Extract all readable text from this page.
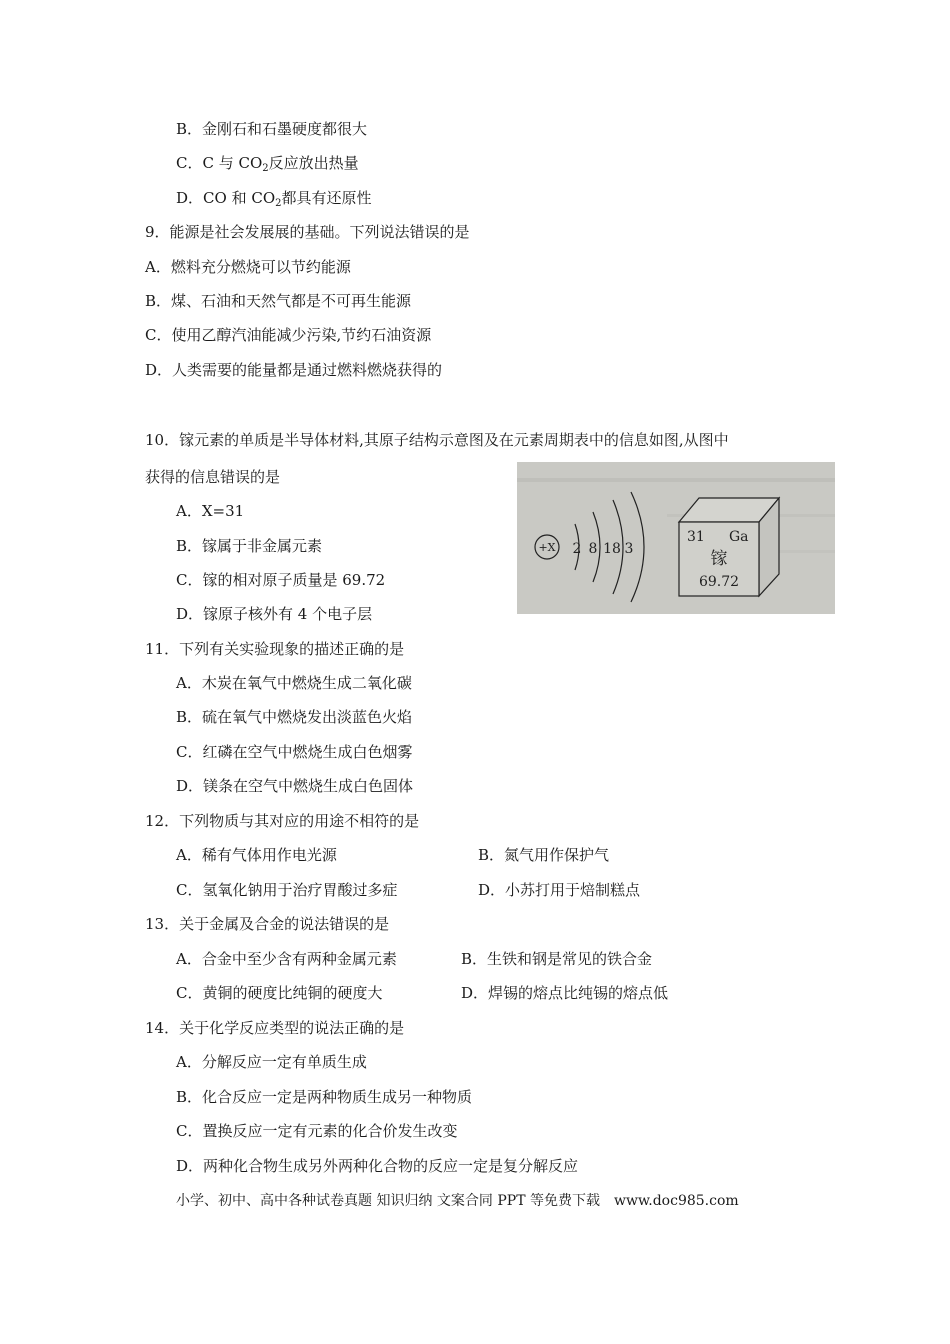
B．金刚石和石墨硬度都很大
C．C 与 $CO_2$反应放出热量
D．CO 和 $CO_2$都具有还原性
9．能源是社会发展展的基础。下列说法错误的是
A．燃料充分燃烧可以节约能源
B．煤、石油和天然气都是不可再生能源
C．使用乙醇汽油能减少污染,节约石油资源
D．人类需要的能量都是通过燃料燃烧获得的
10．镓元素的单质是半导体材料,其原子结构示意图及在元素周期表中的信息如图,从图中
获得的信息错误的是
A．X=31
B．镓属于非金属元素
C．镓的相对原子质量是 69.72
D．镓原子核外有 4 个电子层
+X 2 8 18 3
31 Ga
镓
69.72
11．下列有关实验现象的描述正确的是
A．木炭在氧气中燃烧生成二氧化碳
B．硫在氧气中燃烧发出淡蓝色火焰
C．红磷在空气中燃烧生成白色烟雾
D．镁条在空气中燃烧生成白色固体
12．下列物质与其对应的用途不相符的是
A．稀有气体用作电光源	B．氮气用作保护气
C．氢氧化钠用于治疗胃酸过多症	D．小苏打用于焙制糕点
13．关于金属及合金的说法错误的是
A．合金中至少含有两种金属元素	B．生铁和钢是常见的铁合金
C．黄铜的硬度比纯铜的硬度大	D．焊锡的熔点比纯锡的熔点低
14．关于化学反应类型的说法正确的是
A．分解反应一定有单质生成
B．化合反应一定是两种物质生成另一种物质
C．置换反应一定有元素的化合价发生改变
D．两种化合物生成另外两种化合物的反应一定是复分解反应
小学、初中、高中各种试卷真题 知识归纳 文案合同 PPT 等免费下载　www.doc985.com
